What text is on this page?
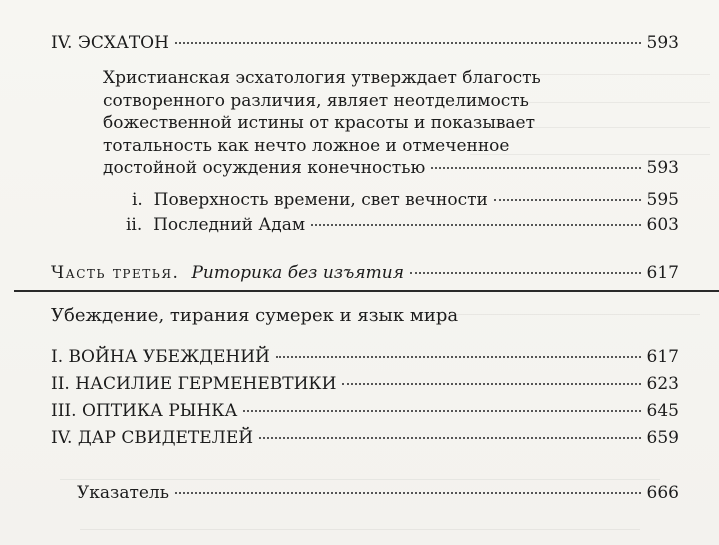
IV. ЭСХАТОН	593
Христианская эсхатология утверждает благость
сотворенного различия, являет неотделимость
божественной истины от красоты и показывает
тотальность как нечто ложное и отмеченное
достойной осуждения конечностью	593
i.  Поверхность времени, свет вечности	595
ii.  Последний Адам	603
Часть третья. Риторика без изъятия	617
Убеждение, тирания сумерек и язык мира
I. ВОЙНА УБЕЖДЕНИЙ	617
II. НАСИЛИЕ ГЕРМЕНЕВТИКИ	623
III. ОПТИКА РЫНКА	645
IV. ДАР СВИДЕТЕЛЕЙ	659
Указатель	666
